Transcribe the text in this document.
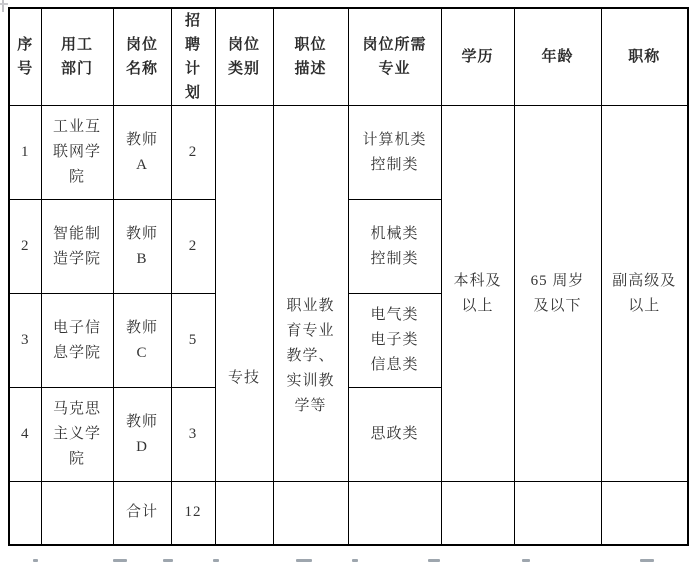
序
号	用工
部门	岗位
名称	招
聘
计
划	岗位
类别	职位
描述	岗位所需
专业	学历	年龄	职称
1	工业互
联网学
院	教师
A	2	专技	职业教
育专业
教学、
实训教
学等	计算机类
控制类	本科及
以上	65 周岁
及以下	副高级及
以上
2	智能制
造学院	教师
B	2			机械类
控制类			
3	电子信
息学院	教师
C	5			电气类
电子类
信息类			
4	马克思
主义学
院	教师
D	3			思政类			
		合计	12						
